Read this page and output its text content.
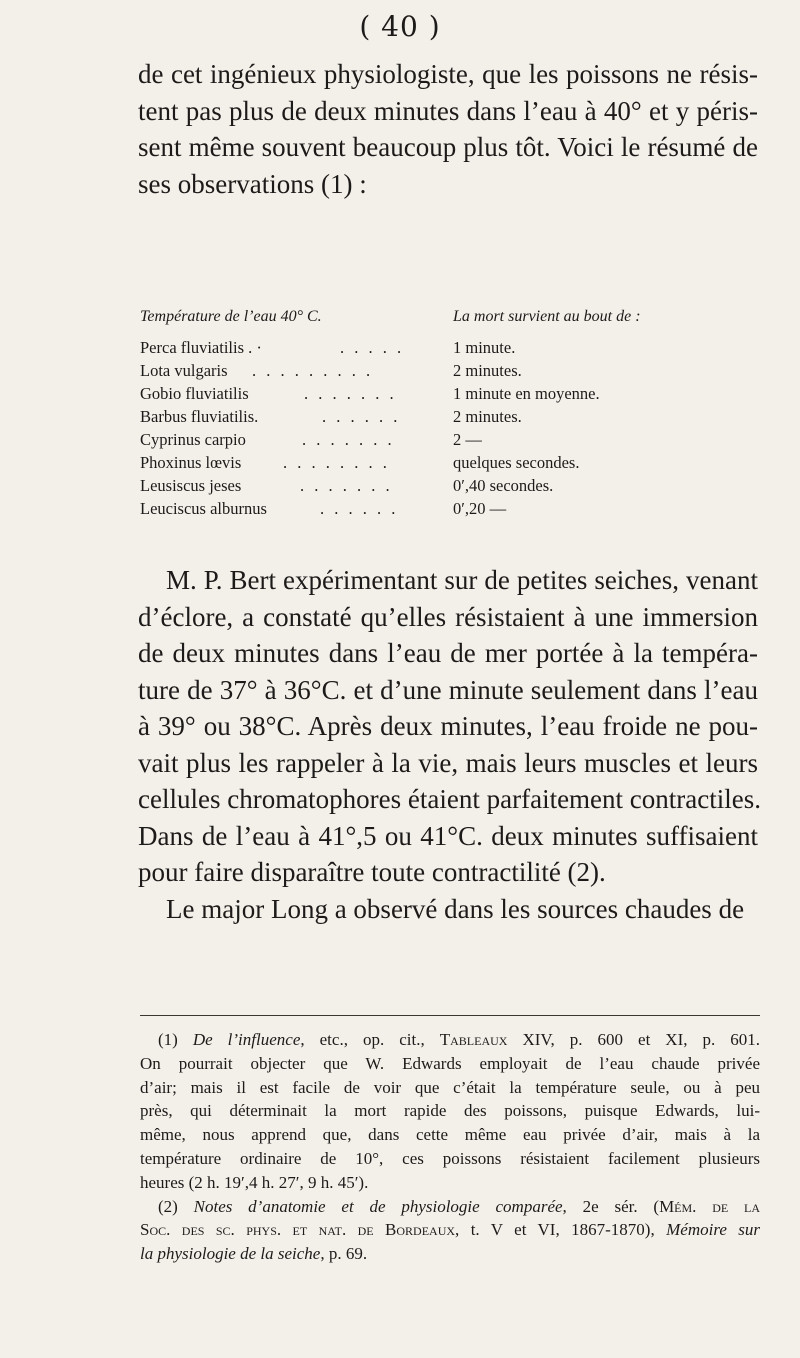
( 40 )
de cet ingénieux physiologiste, que les poissons ne résis-
tent pas plus de deux minutes dans l’eau à 40° et y péris-
sent même souvent beaucoup plus tôt. Voici le résumé de
ses observations (1) :
Température de l’eau 40° C.	La mort survient au bout de :
Perca fluviatilis . ·	. . . . .	1 minute.
Lota vulgaris . . . . . . . . .	2 minutes.
Gobio fluviatilis	. . . . . . .	1 minute en moyenne.
Barbus fluviatilis.	. . . . . .	2 minutes.
Cyprinus carpio	. . . . . . .	2 —
Phoxinus lœvis	. . . . . . . .	quelques secondes.
Leusiscus jeses	. . . . . . .	0′,40 secondes.
Leuciscus alburnus	. . . . . .	0′,20 —
M. P. Bert expérimentant sur de petites seiches, venant
d’éclore, a constaté qu’elles résistaient à une immersion
de deux minutes dans l’eau de mer portée à la tempéra-
ture de 37° à 36°C. et d’une minute seulement dans l’eau
à 39° ou 38°C. Après deux minutes, l’eau froide ne pou-
vait plus les rappeler à la vie, mais leurs muscles et leurs
cellules chromatophores étaient parfaitement contractiles.
Dans de l’eau à 41°,5 ou 41°C. deux minutes suffisaient
pour faire disparaître toute contractilité (2).
Le major Long a observé dans les sources chaudes de
(1) De l’influence, etc., op. cit., Tableaux XIV, p. 600 et XI, p. 601.
On pourrait objecter que W. Edwards employait de l’eau chaude privée
d’air; mais il est facile de voir que c’était la température seule, ou à peu
près, qui déterminait la mort rapide des poissons, puisque Edwards, lui-
même, nous apprend que, dans cette même eau privée d’air, mais à la
température ordinaire de 10°, ces poissons résistaient facilement plusieurs
heures (2 h. 19′,4 h. 27′, 9 h. 45′).
(2) Notes d’anatomie et de physiologie comparée, 2e sér. (Mém. de la
Soc. des sc. phys. et nat. de Bordeaux, t. V et VI, 1867-1870), Mémoire sur
la physiologie de la seiche, p. 69.
